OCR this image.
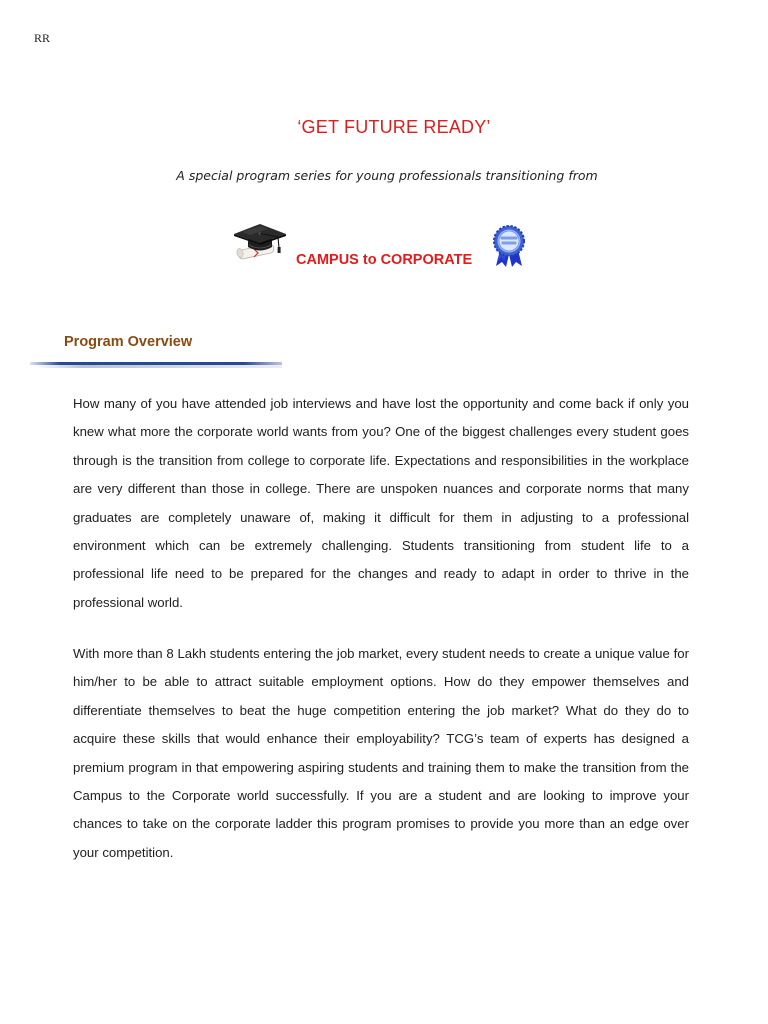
RR
‘GET FUTURE READY’
A special program series for young professionals transitioning from
CAMPUS to CORPORATE
Program Overview

How many of you have attended job interviews and have lost the opportunity and come back if only you knew what more the corporate world wants from you? One of the biggest challenges every student goes through is the transition from college to corporate life. Expectations and responsibilities in the workplace are very different than those in college. There are unspoken nuances and corporate norms that many graduates are completely unaware of, making it difficult for them in adjusting to a professional environment which can be extremely challenging. Students transitioning from student life to a professional life need to be prepared for the changes and ready to adapt in order to thrive in the professional world.

With more than 8 Lakh students entering the job market, every student needs to create a unique value for him/her to be able to attract suitable employment options. How do they empower themselves and differentiate themselves to beat the huge competition entering the job market? What do they do to acquire these skills that would enhance their employability? TCG’s team of experts has designed a premium program in that empowering aspiring students and training them to make the transition from the Campus to the Corporate world successfully. If you are a student and are looking to improve your chances to take on the corporate ladder this program promises to provide you more than an edge over your competition.
